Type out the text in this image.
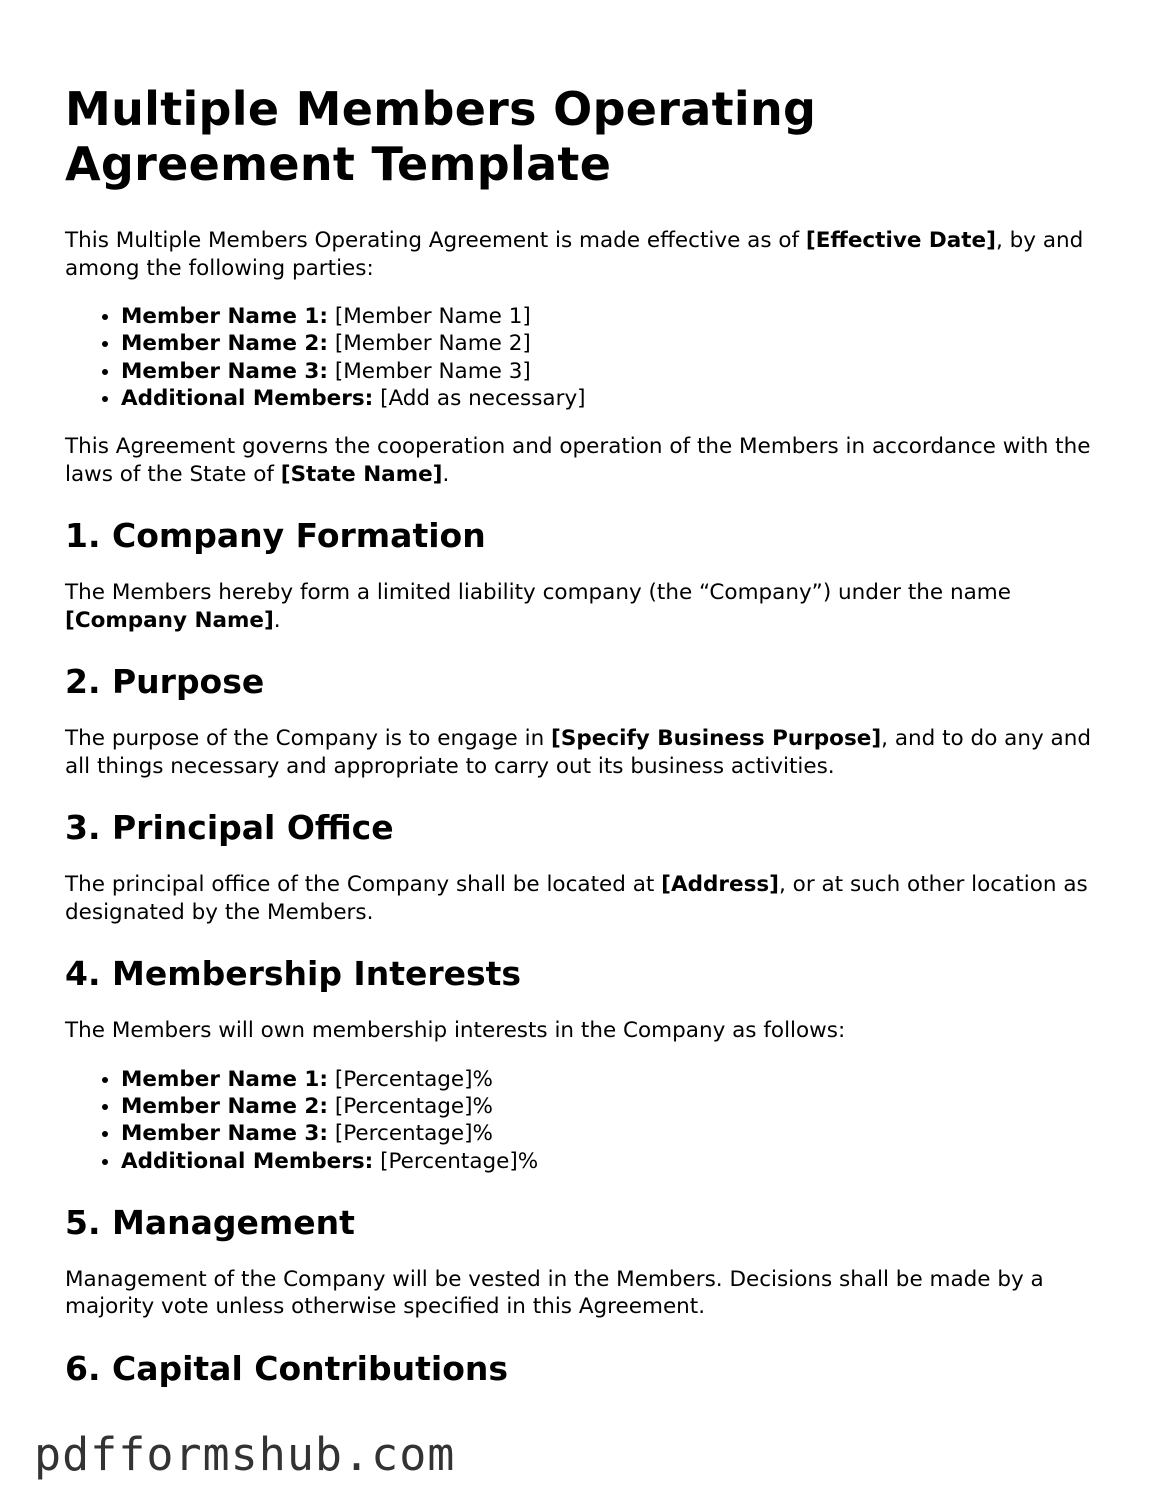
Multiple Members Operating Agreement Template

This Multiple Members Operating Agreement is made effective as of [Effective Date], by and among the following parties:

• Member Name 1: [Member Name 1]
• Member Name 2: [Member Name 2]
• Member Name 3: [Member Name 3]
• Additional Members: [Add as necessary]

This Agreement governs the cooperation and operation of the Members in accordance with the laws of the State of [State Name].

1. Company Formation

The Members hereby form a limited liability company (the “Company”) under the name [Company Name].

2. Purpose

The purpose of the Company is to engage in [Specify Business Purpose], and to do any and all things necessary and appropriate to carry out its business activities.

3. Principal Office

The principal office of the Company shall be located at [Address], or at such other location as designated by the Members.

4. Membership Interests

The Members will own membership interests in the Company as follows:

• Member Name 1: [Percentage]%
• Member Name 2: [Percentage]%
• Member Name 3: [Percentage]%
• Additional Members: [Percentage]%
5. Management

Management of the Company will be vested in the Members. Decisions shall be made by a majority vote unless otherwise specified in this Agreement.

6. Capital Contributions
pdfformshub.com
